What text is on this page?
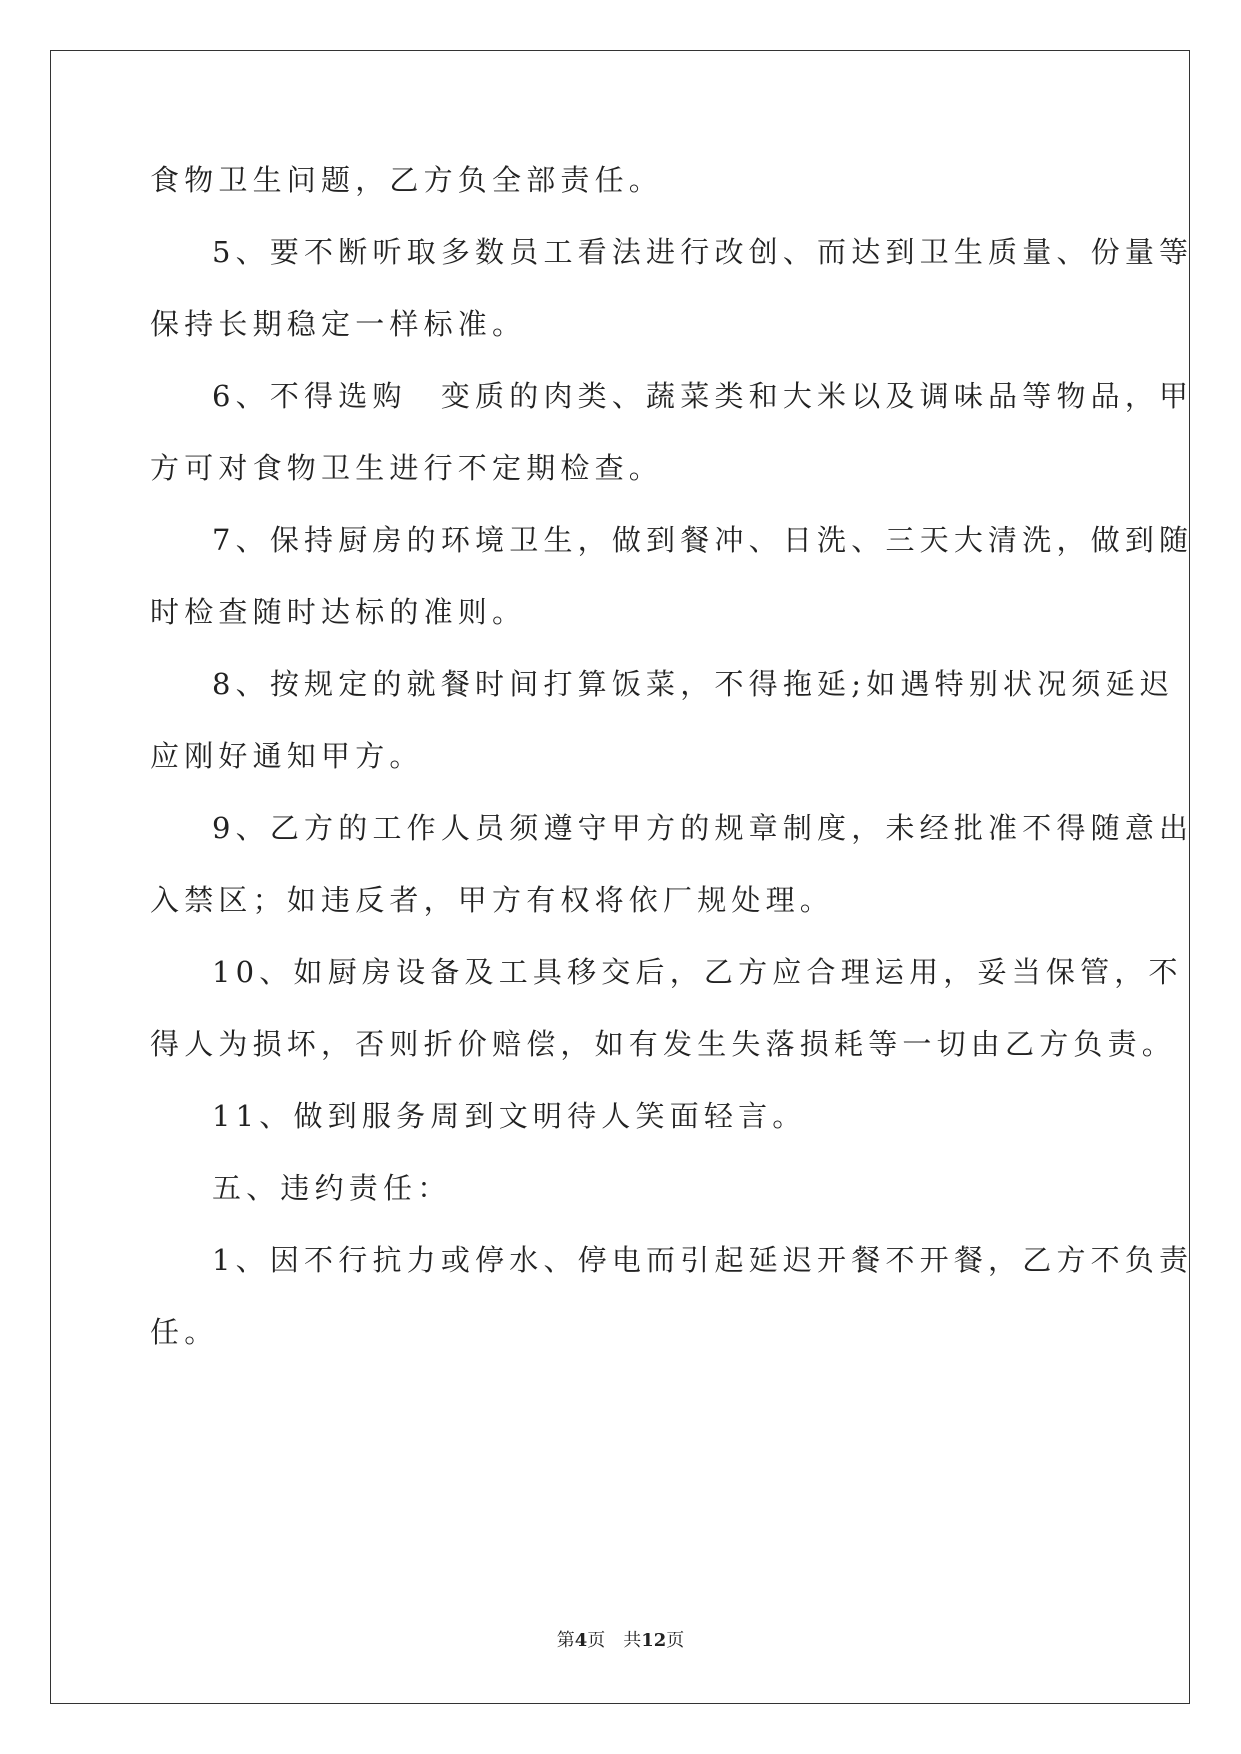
食物卫生问题，乙方负全部责任。
5、要不断听取多数员工看法进行改创、而达到卫生质量、份量等
保持长期稳定一样标准。
6、不得选购　变质的肉类、蔬菜类和大米以及调味品等物品，甲
方可对食物卫生进行不定期检查。
7、保持厨房的环境卫生，做到餐冲、日洗、三天大清洗，做到随
时检查随时达标的准则。
8、按规定的就餐时间打算饭菜，不得拖延;如遇特别状况须延迟
应刚好通知甲方。
9、乙方的工作人员须遵守甲方的规章制度，未经批准不得随意出
入禁区；如违反者，甲方有权将依厂规处理。
10、如厨房设备及工具移交后，乙方应合理运用，妥当保管，不
得人为损坏，否则折价赔偿，如有发生失落损耗等一切由乙方负责。
11、做到服务周到文明待人笑面轻言。
五、违约责任：
1、因不行抗力或停水、停电而引起延迟开餐不开餐，乙方不负责
任。
第4页　共12页
